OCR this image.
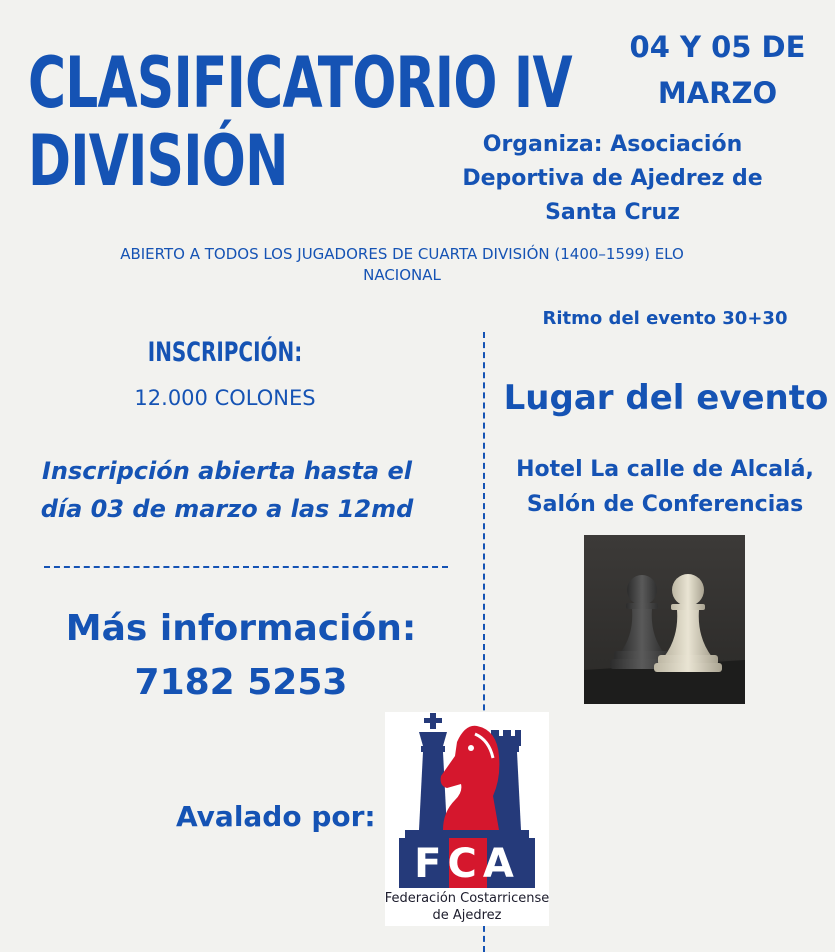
CLASIFICATORIO IV
DIVISIÓN
04 Y 05 DE
MARZO
Organiza: Asociación
Deportiva de Ajedrez de
Santa Cruz
ABIERTO A TODOS LOS JUGADORES DE CUARTA DIVISIÓN (1400–1599) ELO
NACIONAL
Ritmo del evento 30+30
INSCRIPCIÓN:
12.000 COLONES
Inscripción abierta hasta el
día 03 de marzo a las 12md
Más información:
7182 5253
Lugar del evento
Hotel La calle de Alcalá,
Salón de Conferencias
Avalado por:
FCA
Federación Costarricense
de Ajedrez
